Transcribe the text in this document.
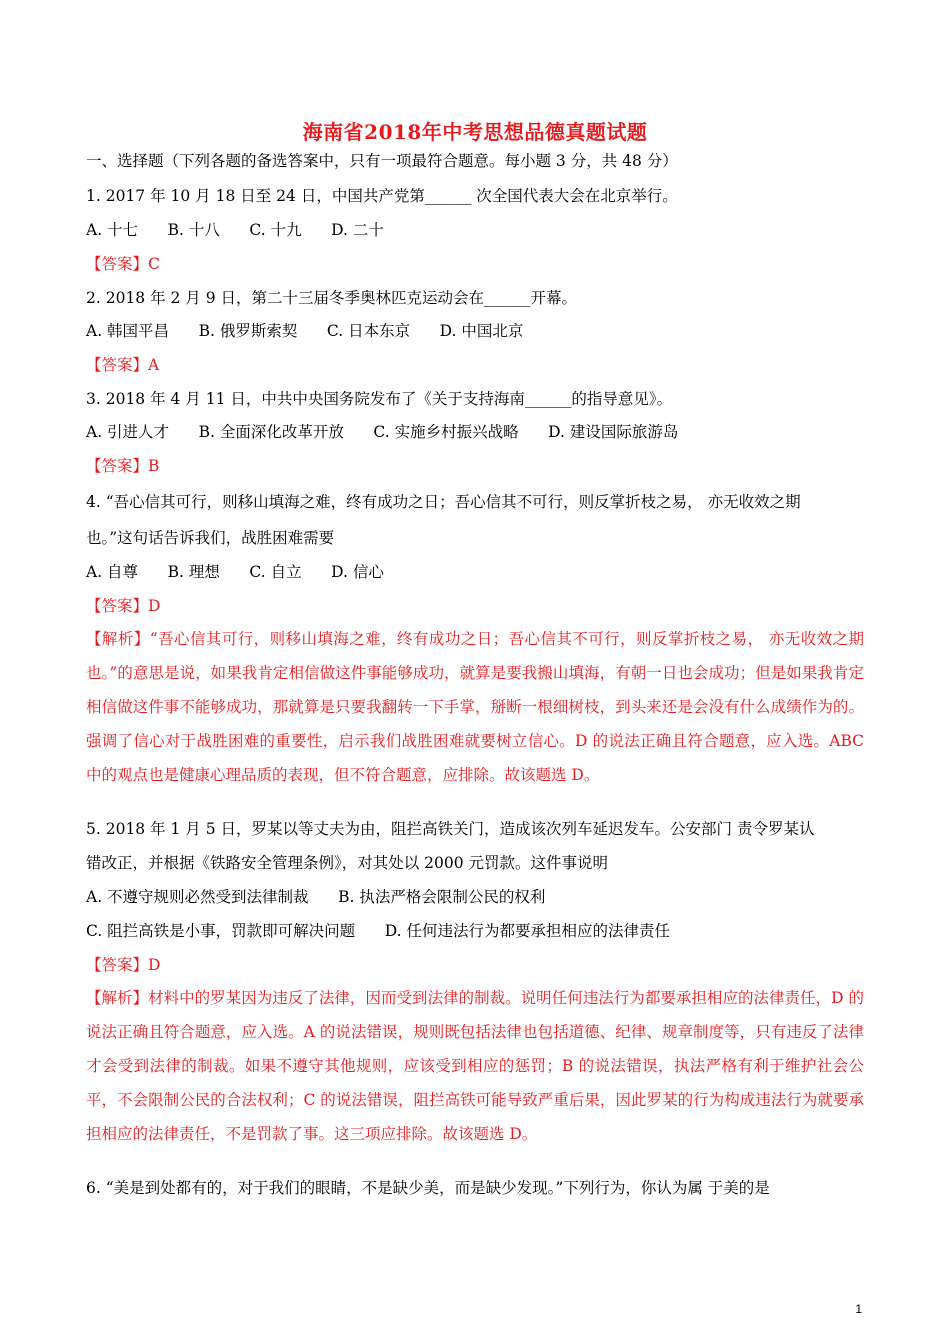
海南省2018年中考思想品德真题试题
一、选择题（下列各题的备选答案中，只有一项最符合题意。每小题 3 分，共 48 分）
1. 2017 年 10 月 18 日至 24 日，中国共产党第______ 次全国代表大会在北京举行。
A. 十七      B. 十八      C. 十九      D. 二十
【答案】C
2. 2018 年 2 月 9 日，第二十三届冬季奥林匹克运动会在______开幕。
A. 韩国平昌      B. 俄罗斯索契      C. 日本东京      D. 中国北京
【答案】A
3. 2018 年 4 月 11 日，中共中央国务院发布了《关于支持海南______的指导意见》。
A. 引进人才      B. 全面深化改革开放      C. 实施乡村振兴战略      D. 建设国际旅游岛
【答案】B
4. “吾心信其可行，则移山填海之难，终有成功之日；吾心信其不可行，则反掌折枝之易， 亦无收效之期
也。”这句话告诉我们，战胜困难需要
A. 自尊      B. 理想      C. 自立      D. 信心
【答案】D
【解析】“吾心信其可行，则移山填海之难，终有成功之日；吾心信其不可行，则反掌折枝之易， 亦无收效之期也。”的意思是说，如果我肯定相信做这件事能够成功，就算是要我搬山填海，有朝一日也会成功；但是如果我肯定相信做这件事不能够成功，那就算是只要我翻转一下手掌，掰断一根细树枝，到头来还是会没有什么成绩作为的。强调了信心对于战胜困难的重要性，启示我们战胜困难就要树立信心。D 的说法正确且符合题意，应入选。ABC 中的观点也是健康心理品质的表现，但不符合题意，应排除。故该题选 D。
5. 2018 年 1 月 5 日，罗某以等丈夫为由，阻拦高铁关门，造成该次列车延迟发车。公安部门 责令罗某认
错改正，并根据《铁路安全管理条例》，对其处以 2000 元罚款。这件事说明
A. 不遵守规则必然受到法律制裁      B. 执法严格会限制公民的权利
C. 阻拦高铁是小事，罚款即可解决问题      D. 任何违法行为都要承担相应的法律责任
【答案】D
【解析】材料中的罗某因为违反了法律，因而受到法律的制裁。说明任何违法行为都要承担相应的法律责任，D 的说法正确且符合题意，应入选。A 的说法错误，规则既包括法律也包括道德、纪律、规章制度等，只有违反了法律才会受到法律的制裁。如果不遵守其他规则，应该受到相应的惩罚；B 的说法错误，执法严格有利于维护社会公平，不会限制公民的合法权利；C 的说法错误，阻拦高铁可能导致严重后果，因此罗某的行为构成违法行为就要承担相应的法律责任，不是罚款了事。这三项应排除。故该题选 D。
6. “美是到处都有的，对于我们的眼睛，不是缺少美，而是缺少发现。”下列行为，你认为属 于美的是
1
